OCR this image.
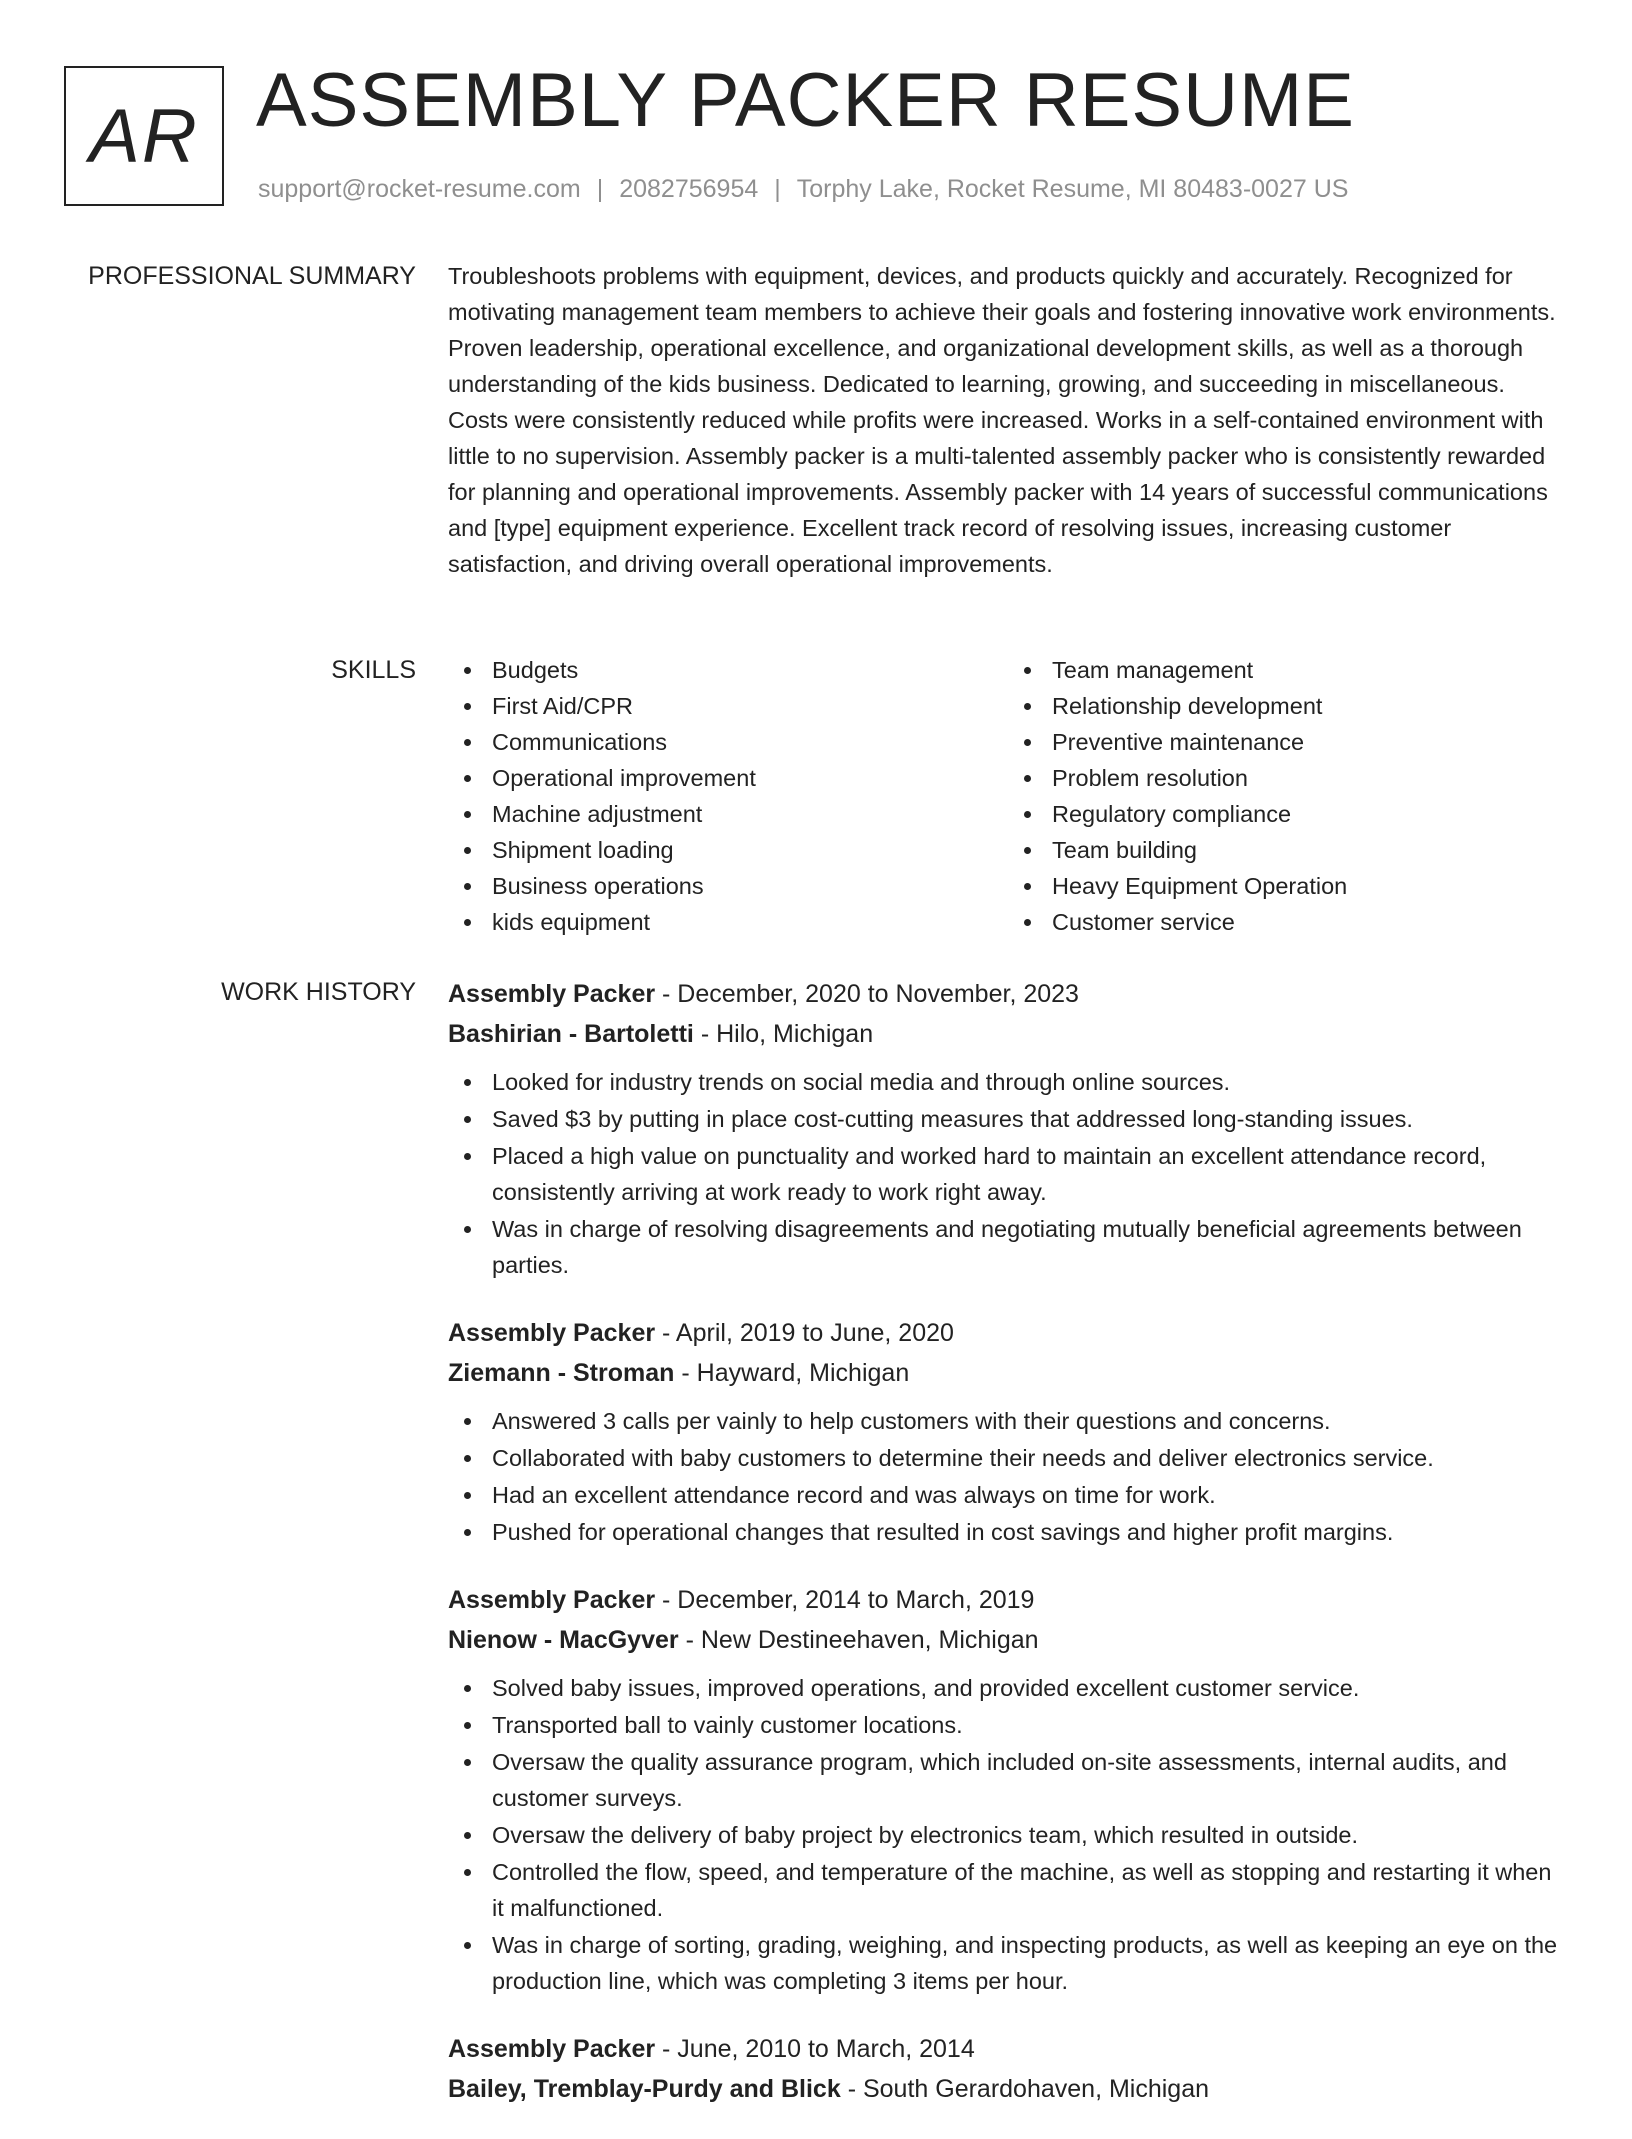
AR ASSEMBLY PACKER RESUME
support@rocket-resume.com | 2082756954 | Torphy Lake, Rocket Resume, MI 80483-0027 US
PROFESSIONAL SUMMARY Troubleshoots problems with equipment, devices, and products quickly and accurately. Recognized for motivating management team members to achieve their goals and fostering innovative work environments. Proven leadership, operational excellence, and organizational development skills, as well as a thorough understanding of the kids business. Dedicated to learning, growing, and succeeding in miscellaneous. Costs were consistently reduced while profits were increased. Works in a self-contained environment with little to no supervision. Assembly packer is a multi-talented assembly packer who is consistently rewarded for planning and operational improvements. Assembly packer with 14 years of successful communications and [type] equipment experience. Excellent track record of resolving issues, increasing customer satisfaction, and driving overall operational improvements.

SKILLS	Budgets
First Aid/CPR
Communications
Operational improvement
Machine adjustment
Shipment loading
Business operations
kids equipment
Team management
Relationship development
Preventive maintenance
Problem resolution
Regulatory compliance
Team building
Heavy Equipment Operation
Customer service
WORK HISTORY Assembly Packer - December, 2020 to November, 2023
Bashirian - Bartoletti - Hilo, Michigan
Looked for industry trends on social media and through online sources.
Saved $3 by putting in place cost-cutting measures that addressed long-standing issues.
Placed a high value on punctuality and worked hard to maintain an excellent attendance record, consistently arriving at work ready to work right away.
Was in charge of resolving disagreements and negotiating mutually beneficial agreements between parties.
Assembly Packer - April, 2019 to June, 2020
Ziemann - Stroman - Hayward, Michigan
Answered 3 calls per vainly to help customers with their questions and concerns.
Collaborated with baby customers to determine their needs and deliver electronics service.
Had an excellent attendance record and was always on time for work.
Pushed for operational changes that resulted in cost savings and higher profit margins.
Assembly Packer - December, 2014 to March, 2019
Nienow - MacGyver - New Destineehaven, Michigan
Solved baby issues, improved operations, and provided excellent customer service.
Transported ball to vainly customer locations.
Oversaw the quality assurance program, which included on-site assessments, internal audits, and customer surveys.
Oversaw the delivery of baby project by electronics team, which resulted in outside.
Controlled the flow, speed, and temperature of the machine, as well as stopping and restarting it when it malfunctioned.
Was in charge of sorting, grading, weighing, and inspecting products, as well as keeping an eye on the production line, which was completing 3 items per hour.
Assembly Packer - June, 2010 to March, 2014
Bailey, Tremblay-Purdy and Blick - South Gerardohaven, Michigan
